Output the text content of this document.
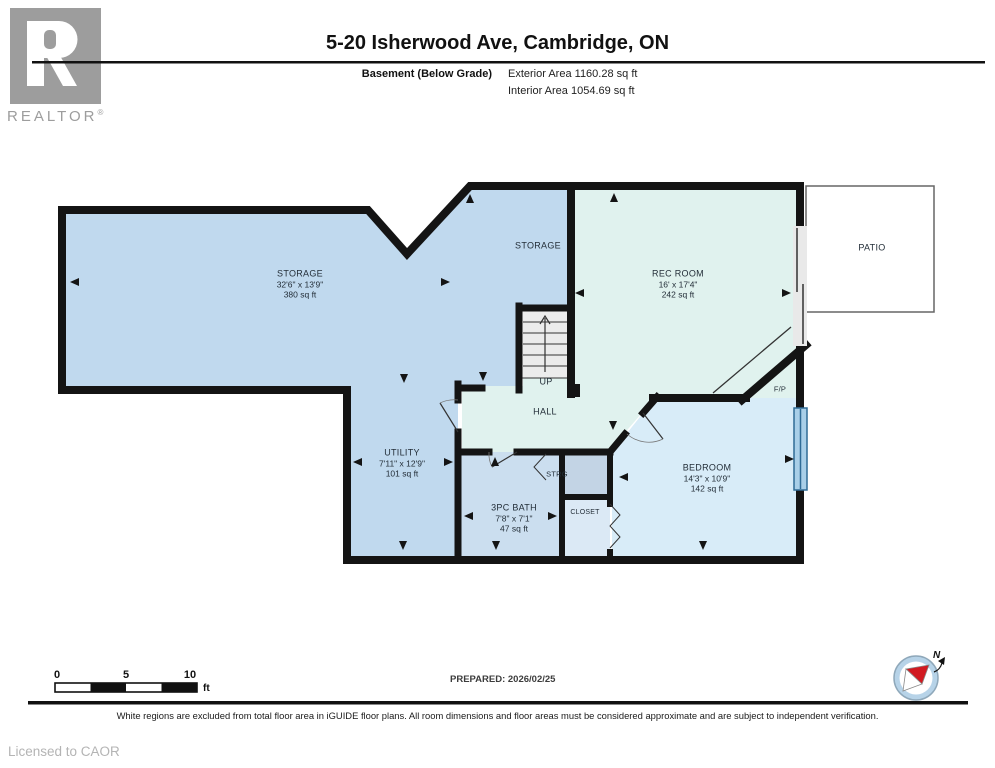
REALTOR®
5-20 Isherwood Ave, Cambridge, ON
Basement (Below Grade) Exterior Area 1160.28 sq ft
Interior Area 1054.69 sq ft
STORAGE
32'6" x 13'9"
380 sq ft
STORAGE
REC ROOM
16' x 17'4"
242 sq ft
HALL
UP
UTILITY
7'11" x 12'9"
101 sq ft
3PC BATH
7'8" x 7'1"
47 sq ft
STRG
CLOSET
BEDROOM
14'3" x 10'9"
142 sq ft
PATIO
F/P
0	5	10
ft
PREPARED: 2026/02/25
N
White regions are excluded from total floor area in iGUIDE floor plans. All room dimensions and floor areas must be considered approximate and are subject to independent verification.
Licensed to CAOR
